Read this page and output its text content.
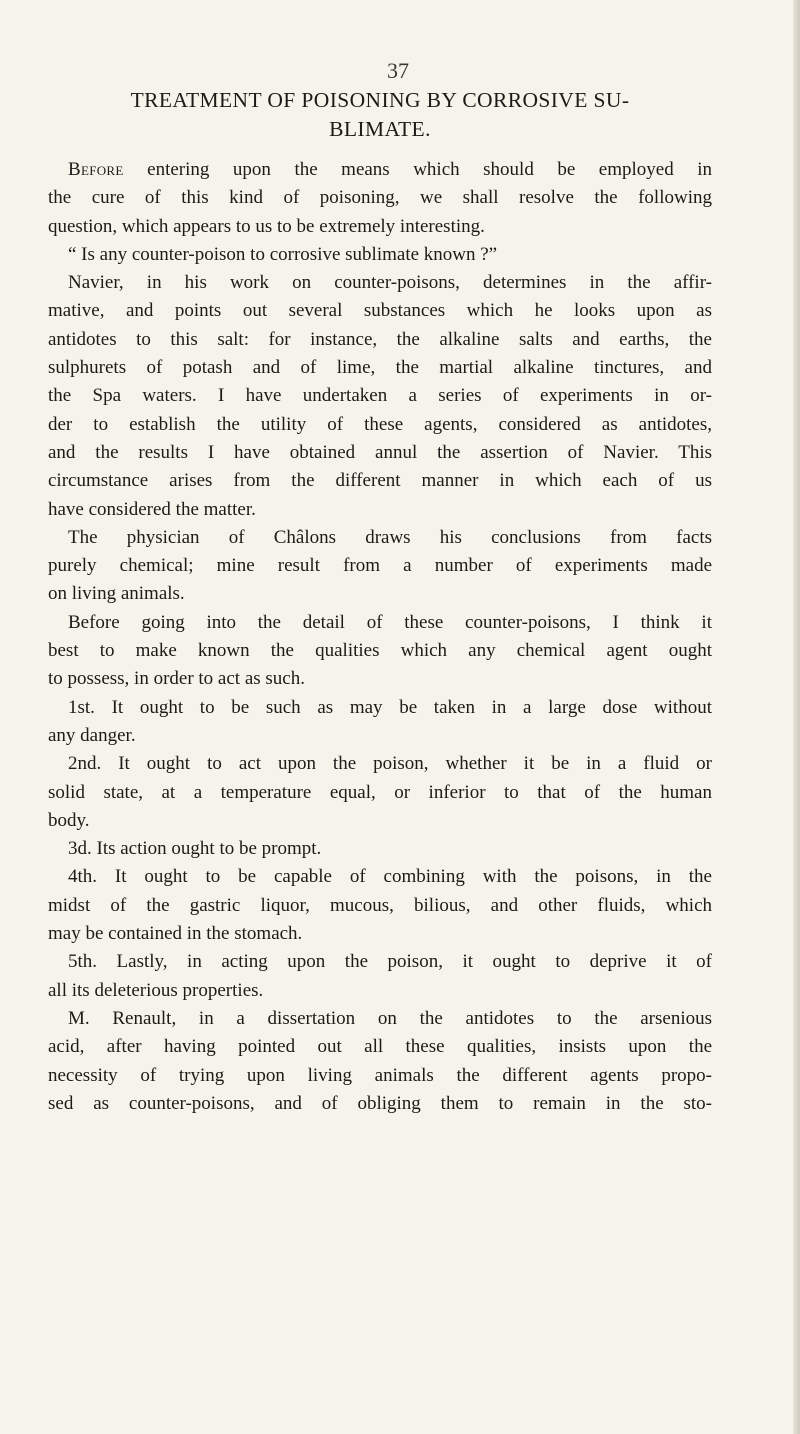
37
TREATMENT OF POISONING BY CORROSIVE SU-
BLIMATE.
Before entering upon the means which should be employed in
the cure of this kind of poisoning, we shall resolve the following
question, which appears to us to be extremely interesting.
“ Is any counter-poison to corrosive sublimate known ?”
Navier, in his work on counter-poisons, determines in the affir-
mative, and points out several substances which he looks upon as
antidotes to this salt: for instance, the alkaline salts and earths, the
sulphurets of potash and of lime, the martial alkaline tinctures, and
the Spa waters. I have undertaken a series of experiments in or-
der to establish the utility of these agents, considered as antidotes,
and the results I have obtained annul the assertion of Navier. This
circumstance arises from the different manner in which each of us
have considered the matter.
The physician of Châlons draws his conclusions from facts
purely chemical; mine result from a number of experiments made
on living animals.
Before going into the detail of these counter-poisons, I think it
best to make known the qualities which any chemical agent ought
to possess, in order to act as such.
1st. It ought to be such as may be taken in a large dose without
any danger.
2nd. It ought to act upon the poison, whether it be in a fluid or
solid state, at a temperature equal, or inferior to that of the human
body.
3d. Its action ought to be prompt.
4th. It ought to be capable of combining with the poisons, in the
midst of the gastric liquor, mucous, bilious, and other fluids, which
may be contained in the stomach.
5th. Lastly, in acting upon the poison, it ought to deprive it of
all its deleterious properties.
M. Renault, in a dissertation on the antidotes to the arsenious
acid, after having pointed out all these qualities, insists upon the
necessity of trying upon living animals the different agents propo-
sed as counter-poisons, and of obliging them to remain in the sto-
